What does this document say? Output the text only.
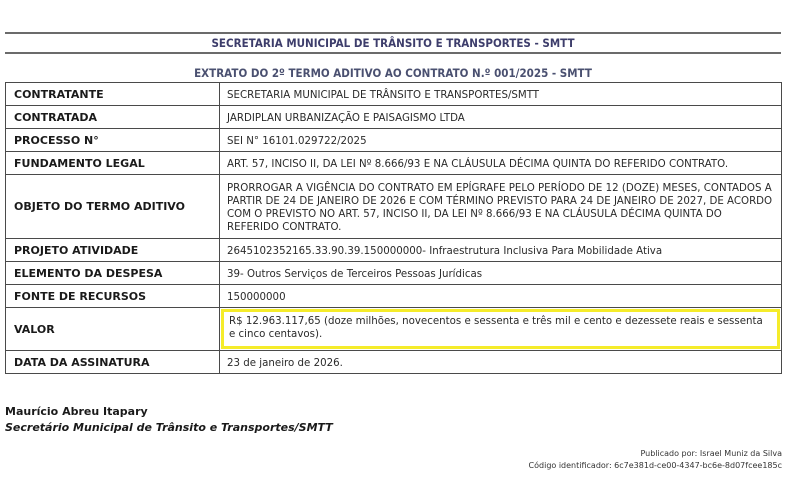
SECRETARIA MUNICIPAL DE TRÂNSITO E TRANSPORTES - SMTT
EXTRATO DO 2º TERMO ADITIVO AO CONTRATO N.º 001/2025 - SMTT
CONTRATANTE	SECRETARIA MUNICIPAL DE TRÂNSITO E TRANSPORTES/SMTT

CONTRATADA	JARDIPLAN URBANIZAÇÃO E PAISAGISMO LTDA

PROCESSO N°	SEI N° 16101.029722/2025

FUNDAMENTO LEGAL	ART. 57, INCISO II, DA LEI Nº 8.666/93 E NA CLÁUSULA DÉCIMA QUINTA DO REFERIDO CONTRATO.

OBJETO DO TERMO ADITIVO	PRORROGAR A VIGÊNCIA DO CONTRATO EM EPÍGRAFE PELO PERÍODO DE 12 (DOZE) MESES, CONTADOS A PARTIR DE 24 DE JANEIRO DE 2026 E COM TÉRMINO PREVISTO PARA 24 DE JANEIRO DE 2027, DE ACORDO COM O PREVISTO NO ART. 57, INCISO II, DA LEI Nº 8.666/93 E NA CLÁUSULA DÉCIMA QUINTA DO REFERIDO CONTRATO.

PROJETO ATIVIDADE	2645102352165.33.90.39.150000000- Infraestrutura Inclusiva Para Mobilidade Ativa

ELEMENTO DA DESPESA	39- Outros Serviços de Terceiros Pessoas Jurídicas

FONTE DE RECURSOS	150000000

VALOR	R$ 12.963.117,65 (doze milhões, novecentos e sessenta e três mil e cento e dezessete reais e sessenta e cinco centavos).

DATA DA ASSINATURA	23 de janeiro de 2026.
Maurício Abreu Itapary
Secretário Municipal de Trânsito e Transportes/SMTT
Publicado por: Israel Muniz da Silva
Código identificador: 6c7e381d-ce00-4347-bc6e-8d07fcee185c
